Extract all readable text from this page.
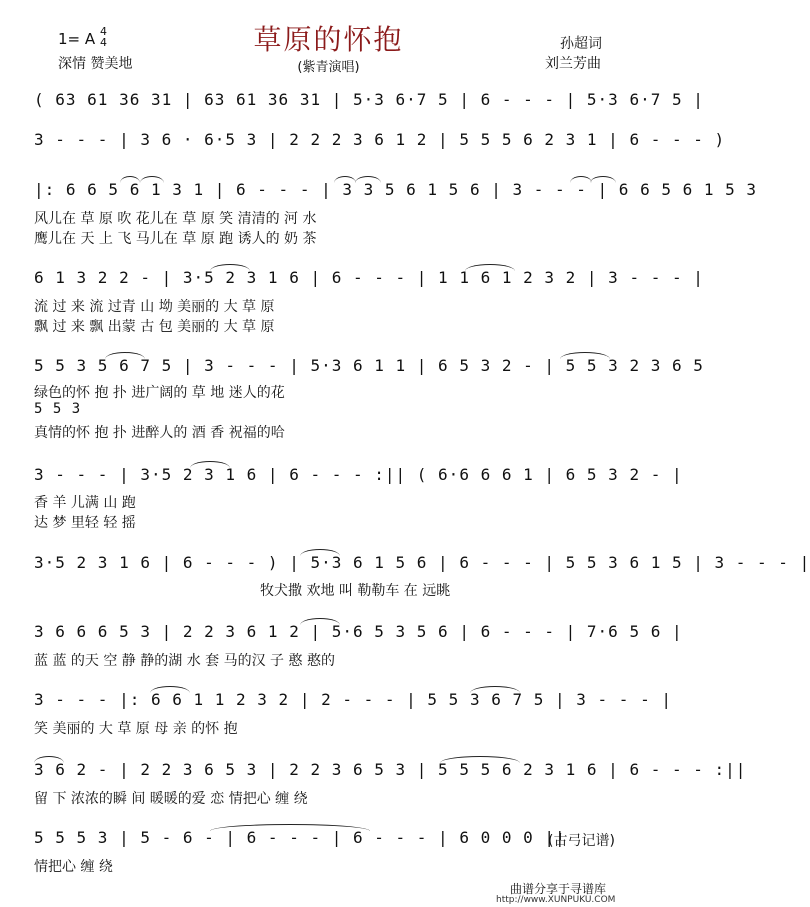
草原的怀抱
1= A 4
4
深情 赞美地	(紫青演唱)
孙超词
刘兰芳曲
( 63 61 36 31 | 63 61 36 31 | 5·3 6·7 5 | 6 - - - | 5·3 6·7 5 |
3 - - - | 3 6 · 6·5 3 | 2 2 2 3 6 1 2 | 5 5 5 6 2 3 1 | 6 - - - )
|: 6 6 5 6 1 3 1 | 6 - - - | 3 3 5 6 1 5 6 | 3 - - - | 6 6 5 6 1 5 3
风儿在 草 原 吹 花儿在 草 原 笑 清清的 河 水
鹰儿在 天 上 飞 马儿在 草 原 跑 诱人的 奶 茶
6 1 3 2 2 - | 3·5 2 3 1 6 | 6 - - - | 1 1 6 1 2 3 2 | 3 - - - |
流 过 来 流 过青 山 坳 美丽的 大 草 原
飘 过 来 飘 出蒙 古 包 美丽的 大 草 原
5 5 3 5 6 7 5 | 3 - - - | 5·3 6 1 1 | 6 5 3 2 - | 5 5 3 2 3 6 5
绿色的怀 抱 扑 进广阔的 草 地 迷人的花
5 5 3
真情的怀 抱 扑 进醉人的 酒 香 祝福的哈
3 - - - | 3·5 2 3 1 6 | 6 - - - :|| ( 6·6 6 6 1 | 6 5 3 2 - |
香 羊 儿满 山 跑
达 梦 里轻 轻 摇
3·5 2 3 1 6 | 6 - - - ) | 5·3 6 1 5 6 | 6 - - - | 5 5 3 6 1 5 | 3 - - - |
牧犬撒 欢地 叫 勒勒车 在 远眺
3 6 6 6 5 3 | 2 2 3 6 1 2 | 5·6 5 3 5 6 | 6 - - - | 7·6 5 6 |
蓝 蓝 的天 空 静 静的湖 水 套 马的汉 子 憨 憨的
3 - - - |: 6 6 1 1 2 3 2 | 2 - - - | 5 5 3 6 7 5 | 3 - - - |
笑 美丽的 大 草 原 母 亲 的怀 抱
3 6 2 - | 2 2 3 6 5 3 | 2 2 3 6 5 3 | 5 5 5 6 2 3 1 6 | 6 - - - :||
留 下 浓浓的瞬 间 暖暖的爱 恋 情把心 缠 绕
5 5 5 3 | 5 - 6 - | 6 - - - | 6 - - - | 6 0 0 0 ||
情把心 缠 绕
(古弓记谱)
曲谱分享于寻谱库
http://www.XUNPUKU.COM
